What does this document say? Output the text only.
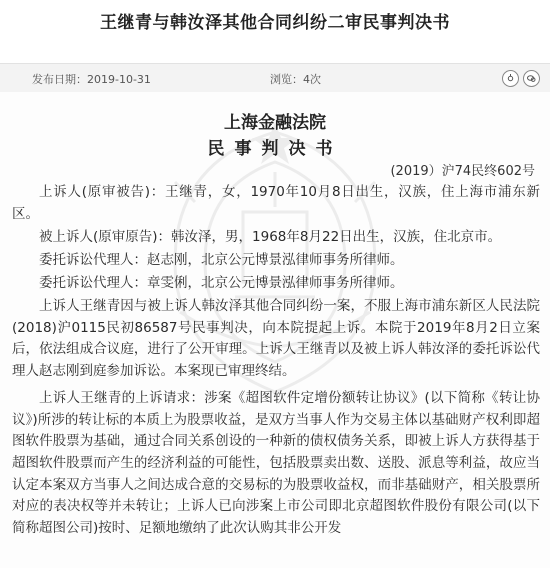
王继青与韩汝泽其他合同纠纷二审民事判决书
发布日期：2019-10-31	浏览：4次
上海金融法院
民事判决书
(2019）沪74民终602号

上诉人(原审被告)：王继青，女，1970年10月8日出生，汉族，住上海市浦东新区。

被上诉人(原审原告)：韩汝泽，男，1968年8月22日出生，汉族，住北京市。

委托诉讼代理人：赵志刚，北京公元博景泓律师事务所律师。

委托诉讼代理人：章雯俐，北京公元博景泓律师事务所律师。

上诉人王继青因与被上诉人韩汝泽其他合同纠纷一案，不服上海市浦东新区人民法院(2018)沪0115民初86587号民事判决，向本院提起上诉。本院于2019年8月2日立案后，依法组成合议庭，进行了公开审理。上诉人王继青以及被上诉人韩汝泽的委托诉讼代理人赵志刚到庭参加诉讼。本案现已审理终结。

上诉人王继青的上诉请求：涉案《超图软件定增份额转让协议》(以下简称《转让协议》)所涉的转让标的本质上为股票收益，是双方当事人作为交易主体以基础财产权利即超图软件股票为基础，通过合同关系创设的一种新的债权债务关系，即被上诉人方获得基于超图软件股票而产生的经济利益的可能性，包括股票卖出数、送股、派息等利益，故应当认定本案双方当事人之间达成合意的交易标的为股票收益权，而非基础财产，相关股票所对应的表决权等并未转让；上诉人已向涉案上市公司即北京超图软件股份有限公司(以下简称超图公司)按时、足额地缴纳了此次认购其非公开发
